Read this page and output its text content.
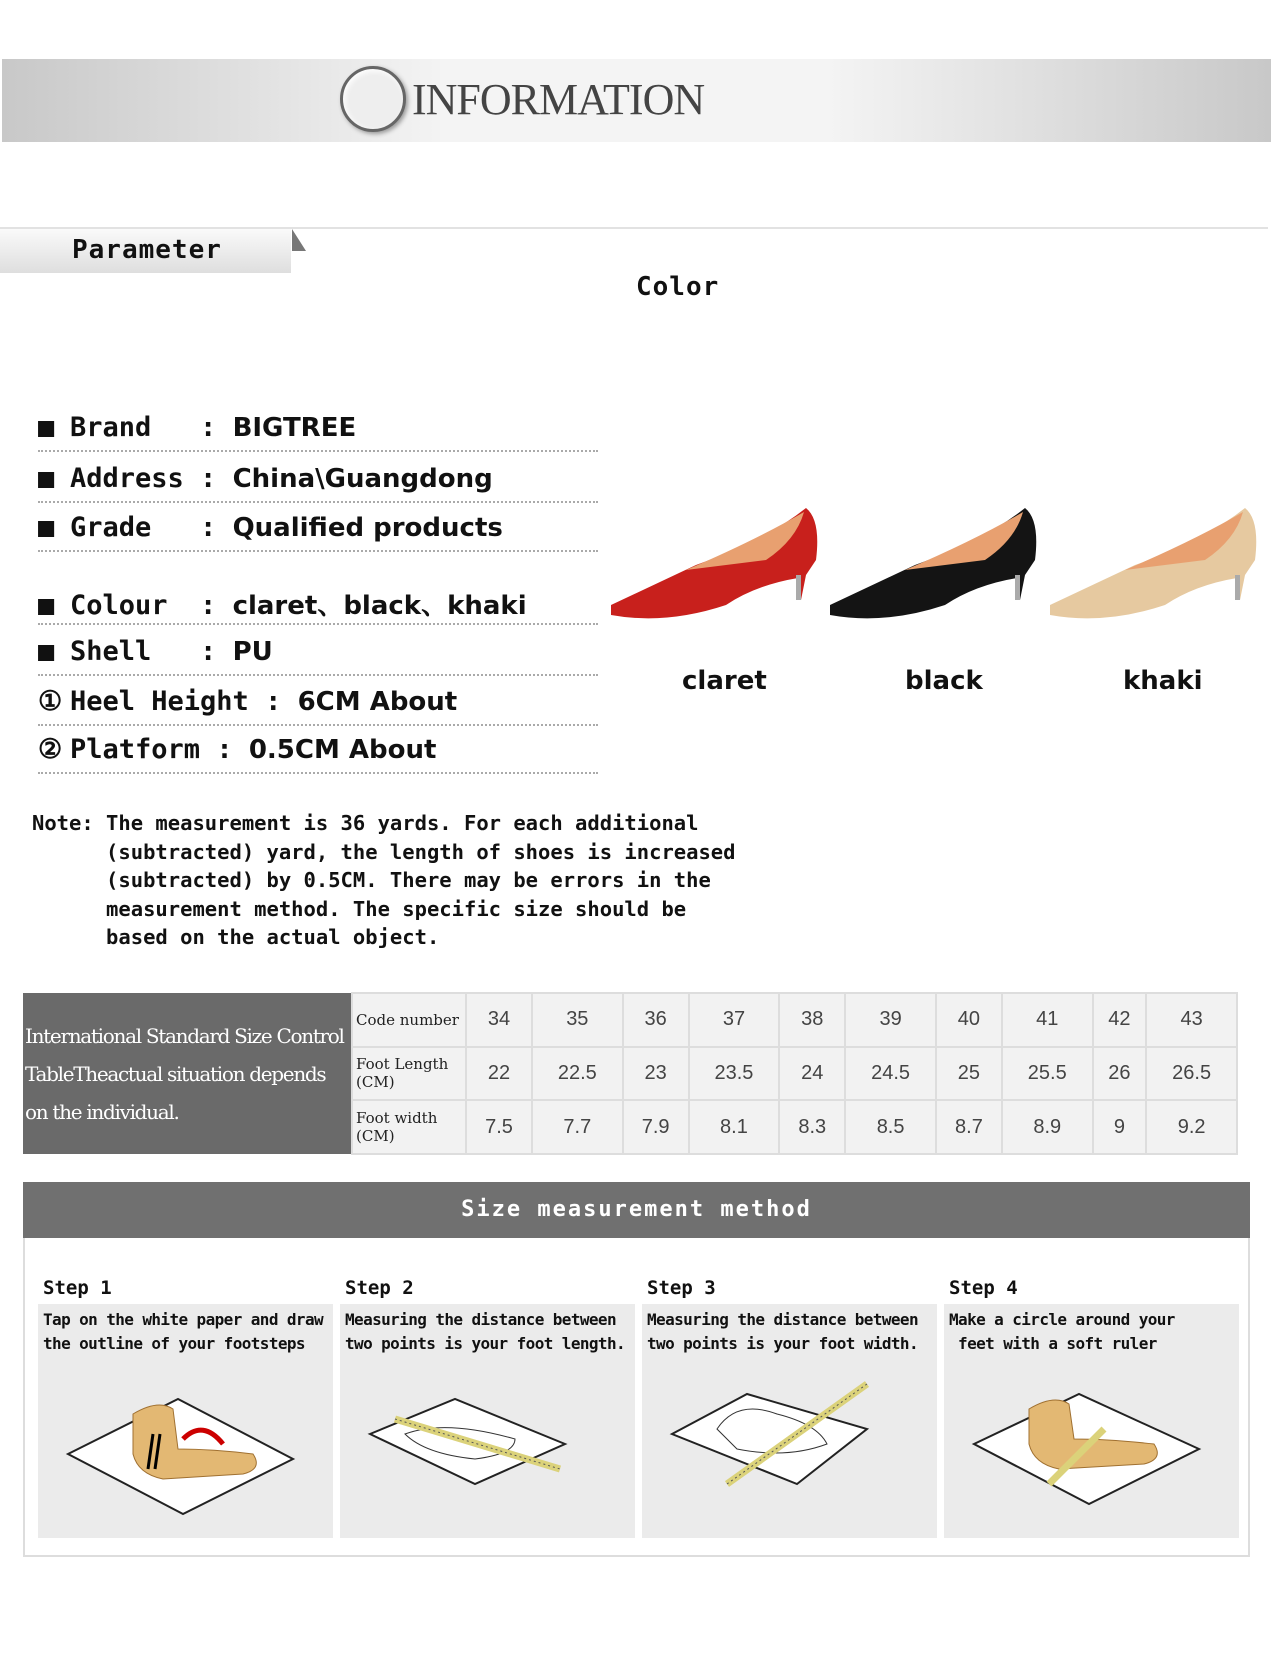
INFORMATION
Parameter
Color
■ Brand   : BIGTREE
■ Address : China\Guangdong
■ Grade   : Qualified products
■ Colour  : claret、black、khaki
■ Shell   : PU
① Heel Height : 6CM About
② Platform : 0.5CM About
claret	black	khaki
Note: The measurement is 36 yards. For each additional
(subtracted) yard, the length of shoes is increased
(subtracted) by 0.5CM. There may be errors in the
measurement method. The specific size should be
based on the actual object.
International Standard Size Control TableTheactual situation depends on the individual.	Code number	34	35	36	37	38	39	40	41	42	43
	Foot Length (CM)	22	22.5	23	23.5	24	24.5	25	25.5	26	26.5
	Foot width (CM)	7.5	7.7	7.9	8.1	8.3	8.5	8.7	8.9	9	9.2
Size measurement method
Step 1
Tap on the white paper and draw
the outline of your footsteps
Step 2
Measuring the distance between
two points is your foot length.
Step 3
Measuring the distance between
two points is your foot width.
Step 4
Make a circle around your
feet with a soft ruler
